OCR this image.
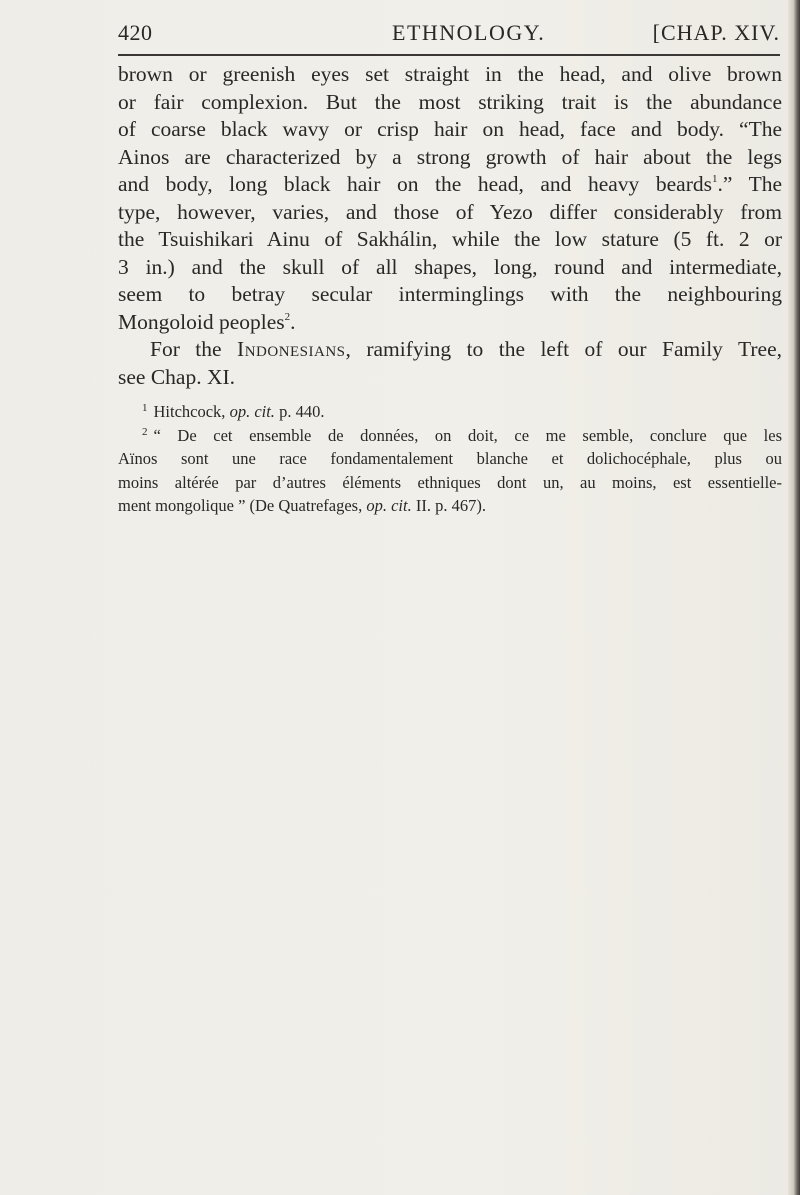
420	ETHNOLOGY.	[CHAP. XIV.

brown or greenish eyes set straight in the head, and olive brown
or fair complexion. But the most striking trait is the abundance
of coarse black wavy or crisp hair on head, face and body. “The
Ainos are characterized by a strong growth of hair about the legs
and body, long black hair on the head, and heavy beards$^1$.” The
type, however, varies, and those of Yezo differ considerably from
the Tsuishikari Ainu of Sakhálin, while the low stature (5 ft. 2 or
3 in.) and the skull of all shapes, long, round and intermediate,
seem to betray secular interminglings with the neighbouring
Mongoloid peoples$^2$.

For the Indonesians, ramifying to the left of our Family Tree,
see Chap. XI.

$^1$ Hitchcock, op. cit. p. 440.

$^2$ “ De cet ensemble de données, on doit, ce me semble, conclure que les
Aïnos sont une race fondamentalement blanche et dolichocéphale, plus ou
moins altérée par d’autres éléments ethniques dont un, au moins, est essentielle-
ment mongolique ” (De Quatrefages, op. cit. II. p. 467).
